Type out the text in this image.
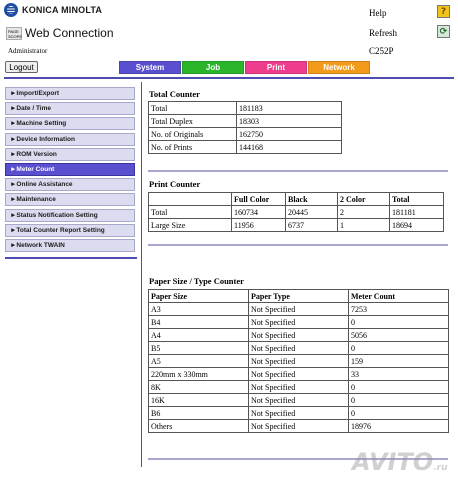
KONICA MINOLTA
PAGE SCOPE Web Connection
Administrator
Help	?
Refresh	⟳
C252P
Logout	System	Job	Print	Network
►Import/Export
►Date / Time
►Machine Setting
►Device Information
►ROM Version
►Meter Count
►Online Assistance
►Maintenance
►Status Notification Setting
►Total Counter Report Setting
►Network TWAIN
Total Counter
Total	181183
Total Duplex	18303
No. of Originals	162750
No. of Prints	144168
Print Counter
	Full Color	Black	2 Color	Total
Total	160734	20445	2	181181
Large Size	11956	6737	1	18694
Paper Size / Type Counter
Paper Size	Paper Type	Meter Count
A3	Not Specified	7253
B4	Not Specified	0
A4	Not Specified	5056
B5	Not Specified	0
A5	Not Specified	159
220mm x 330mm	Not Specified	33
8K	Not Specified	0
16K	Not Specified	0
B6	Not Specified	0
Others	Not Specified	18976
AVITO.ru
